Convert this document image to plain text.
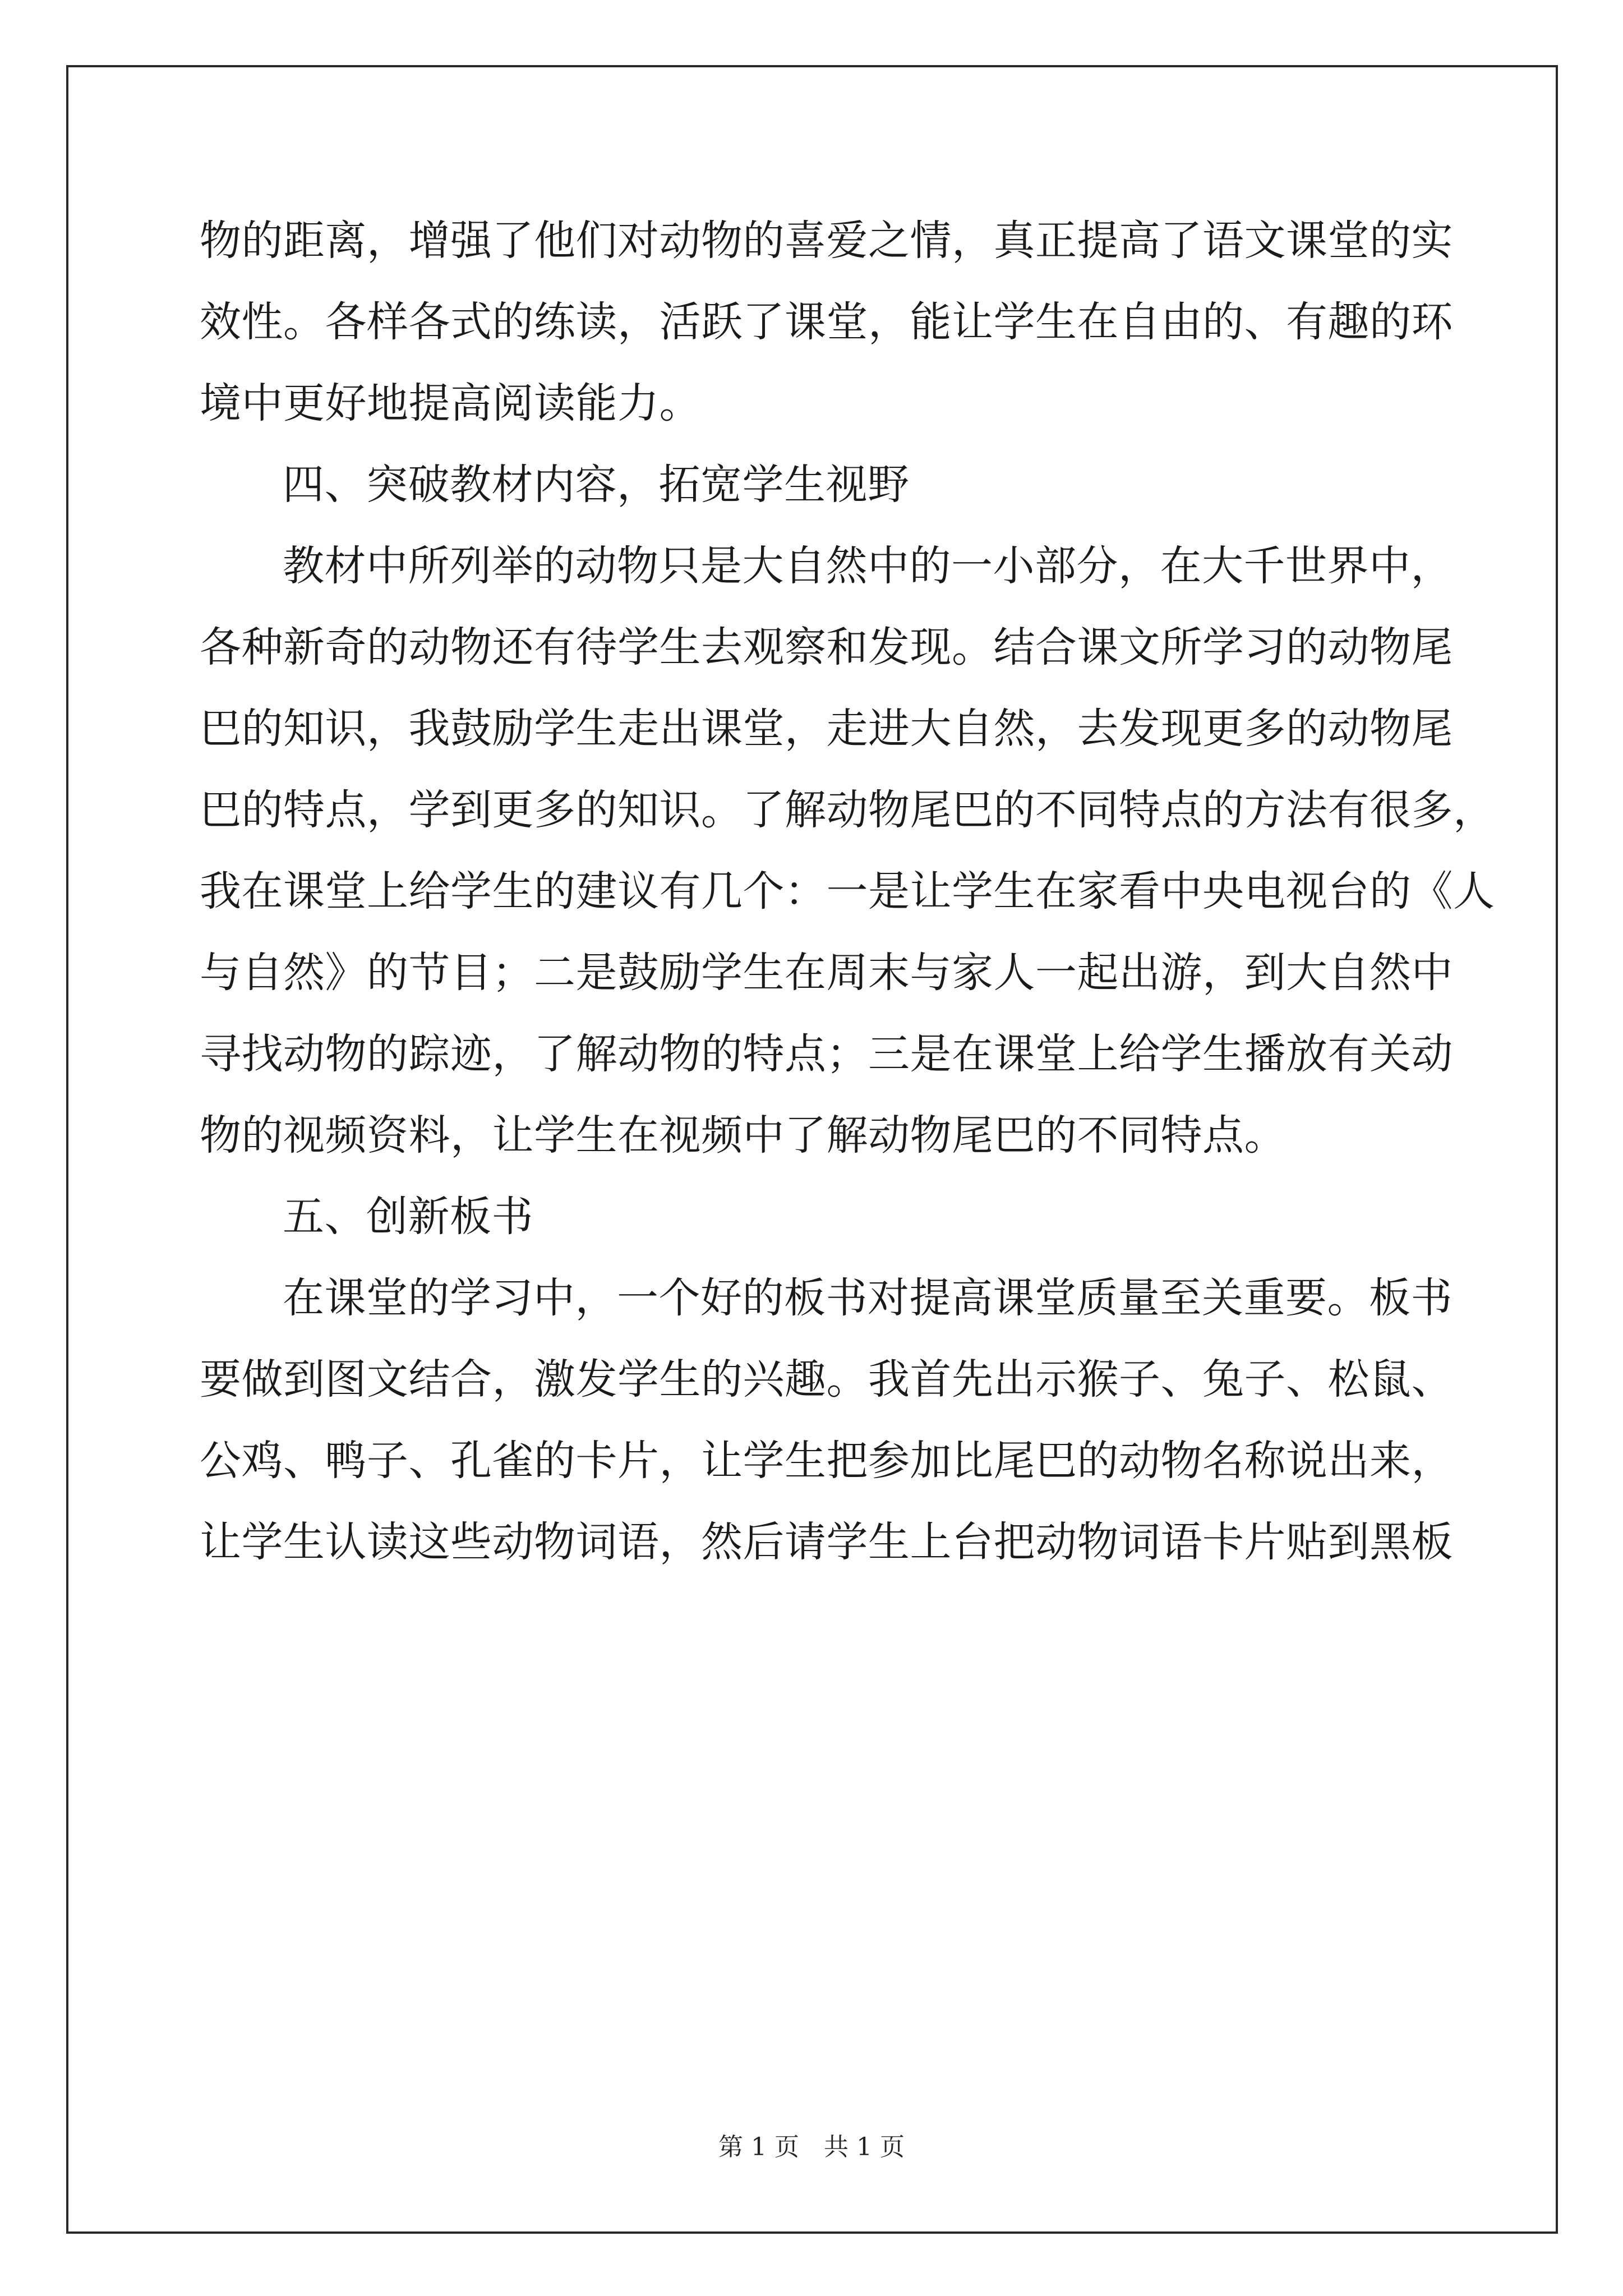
物的距离，增强了他们对动物的喜爱之情，真正提高了语文课堂的实
效性。各样各式的练读，活跃了课堂，能让学生在自由的、有趣的环
境中更好地提高阅读能力。
四、突破教材内容，拓宽学生视野
教材中所列举的动物只是大自然中的一小部分，在大千世界中，
各种新奇的动物还有待学生去观察和发现。结合课文所学习的动物尾
巴的知识，我鼓励学生走出课堂，走进大自然，去发现更多的动物尾
巴的特点，学到更多的知识。了解动物尾巴的不同特点的方法有很多，
我在课堂上给学生的建议有几个：一是让学生在家看中央电视台的《人
与自然》的节目；二是鼓励学生在周末与家人一起出游，到大自然中
寻找动物的踪迹，了解动物的特点；三是在课堂上给学生播放有关动
物的视频资料，让学生在视频中了解动物尾巴的不同特点。
五、创新板书
在课堂的学习中，一个好的板书对提高课堂质量至关重要。板书
要做到图文结合，激发学生的兴趣。我首先出示猴子、兔子、松鼠、
公鸡、鸭子、孔雀的卡片，让学生把参加比尾巴的动物名称说出来，
让学生认读这些动物词语，然后请学生上台把动物词语卡片贴到黑板
第 1 页　共 1 页
